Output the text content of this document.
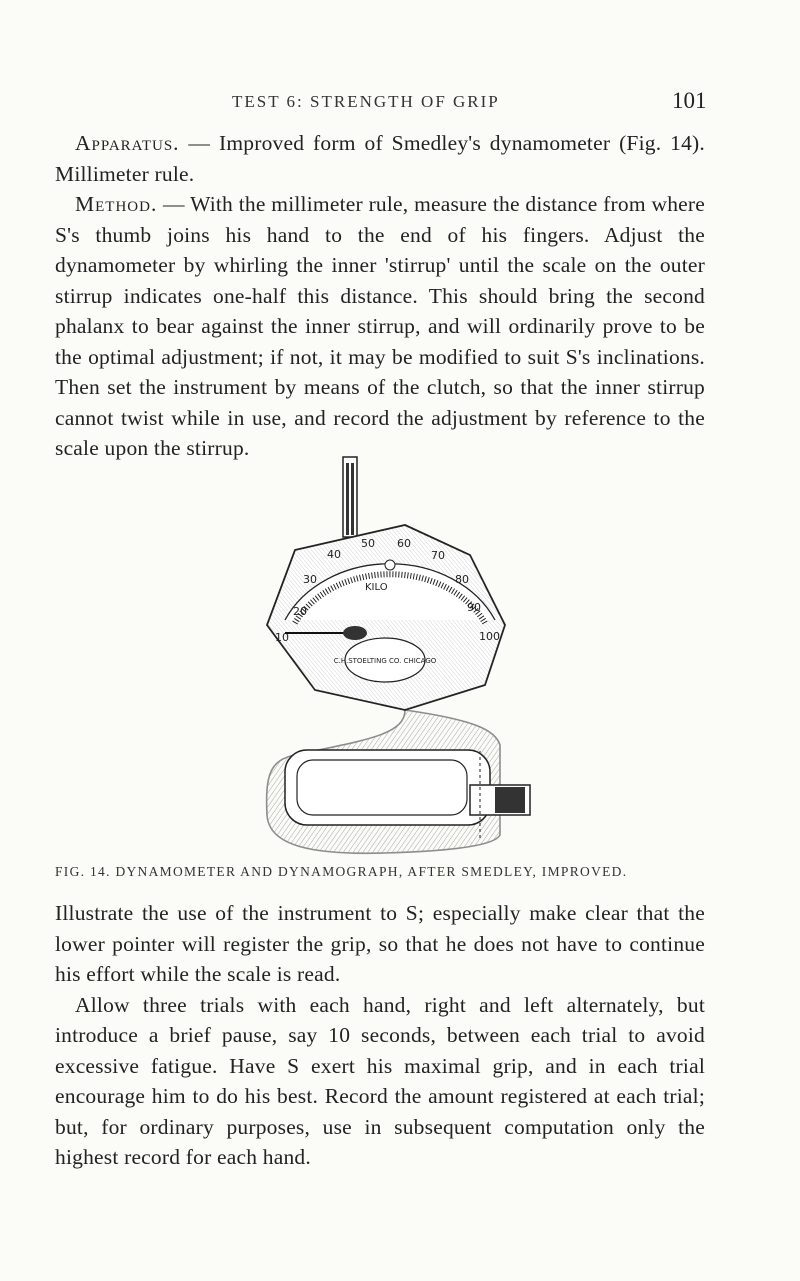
TEST 6: STRENGTH OF GRIP	101

Apparatus. — Improved form of Smedley's dynamometer (Fig. 14). Millimeter rule.

Method. — With the millimeter rule, measure the distance from where S's thumb joins his hand to the end of his fingers. Adjust the dynamometer by whirling the inner 'stirrup' until the scale on the outer stirrup indicates one-half this distance. This should bring the second phalanx to bear against the inner stirrup, and will ordinarily prove to be the optimal adjustment; if not, it may be modified to suit S's inclinations. Then set the instrument by means of the clutch, so that the inner stirrup cannot twist while in use, and record the adjustment by reference to the scale upon the stirrup.

20
30
40
50 60
70
80
90
100
10
KILO
C.H.STOELTING CO. CHICAGO
FIG. 14. DYNAMOMETER AND DYNAMOGRAPH, AFTER SMEDLEY, IMPROVED.

Illustrate the use of the instrument to S; especially make clear that the lower pointer will register the grip, so that he does not have to continue his effort while the scale is read.

Allow three trials with each hand, right and left alternately, but introduce a brief pause, say 10 seconds, between each trial to avoid excessive fatigue. Have S exert his maximal grip, and in each trial encourage him to do his best. Record the amount registered at each trial; but, for ordinary purposes, use in subsequent computation only the highest record for each hand.
